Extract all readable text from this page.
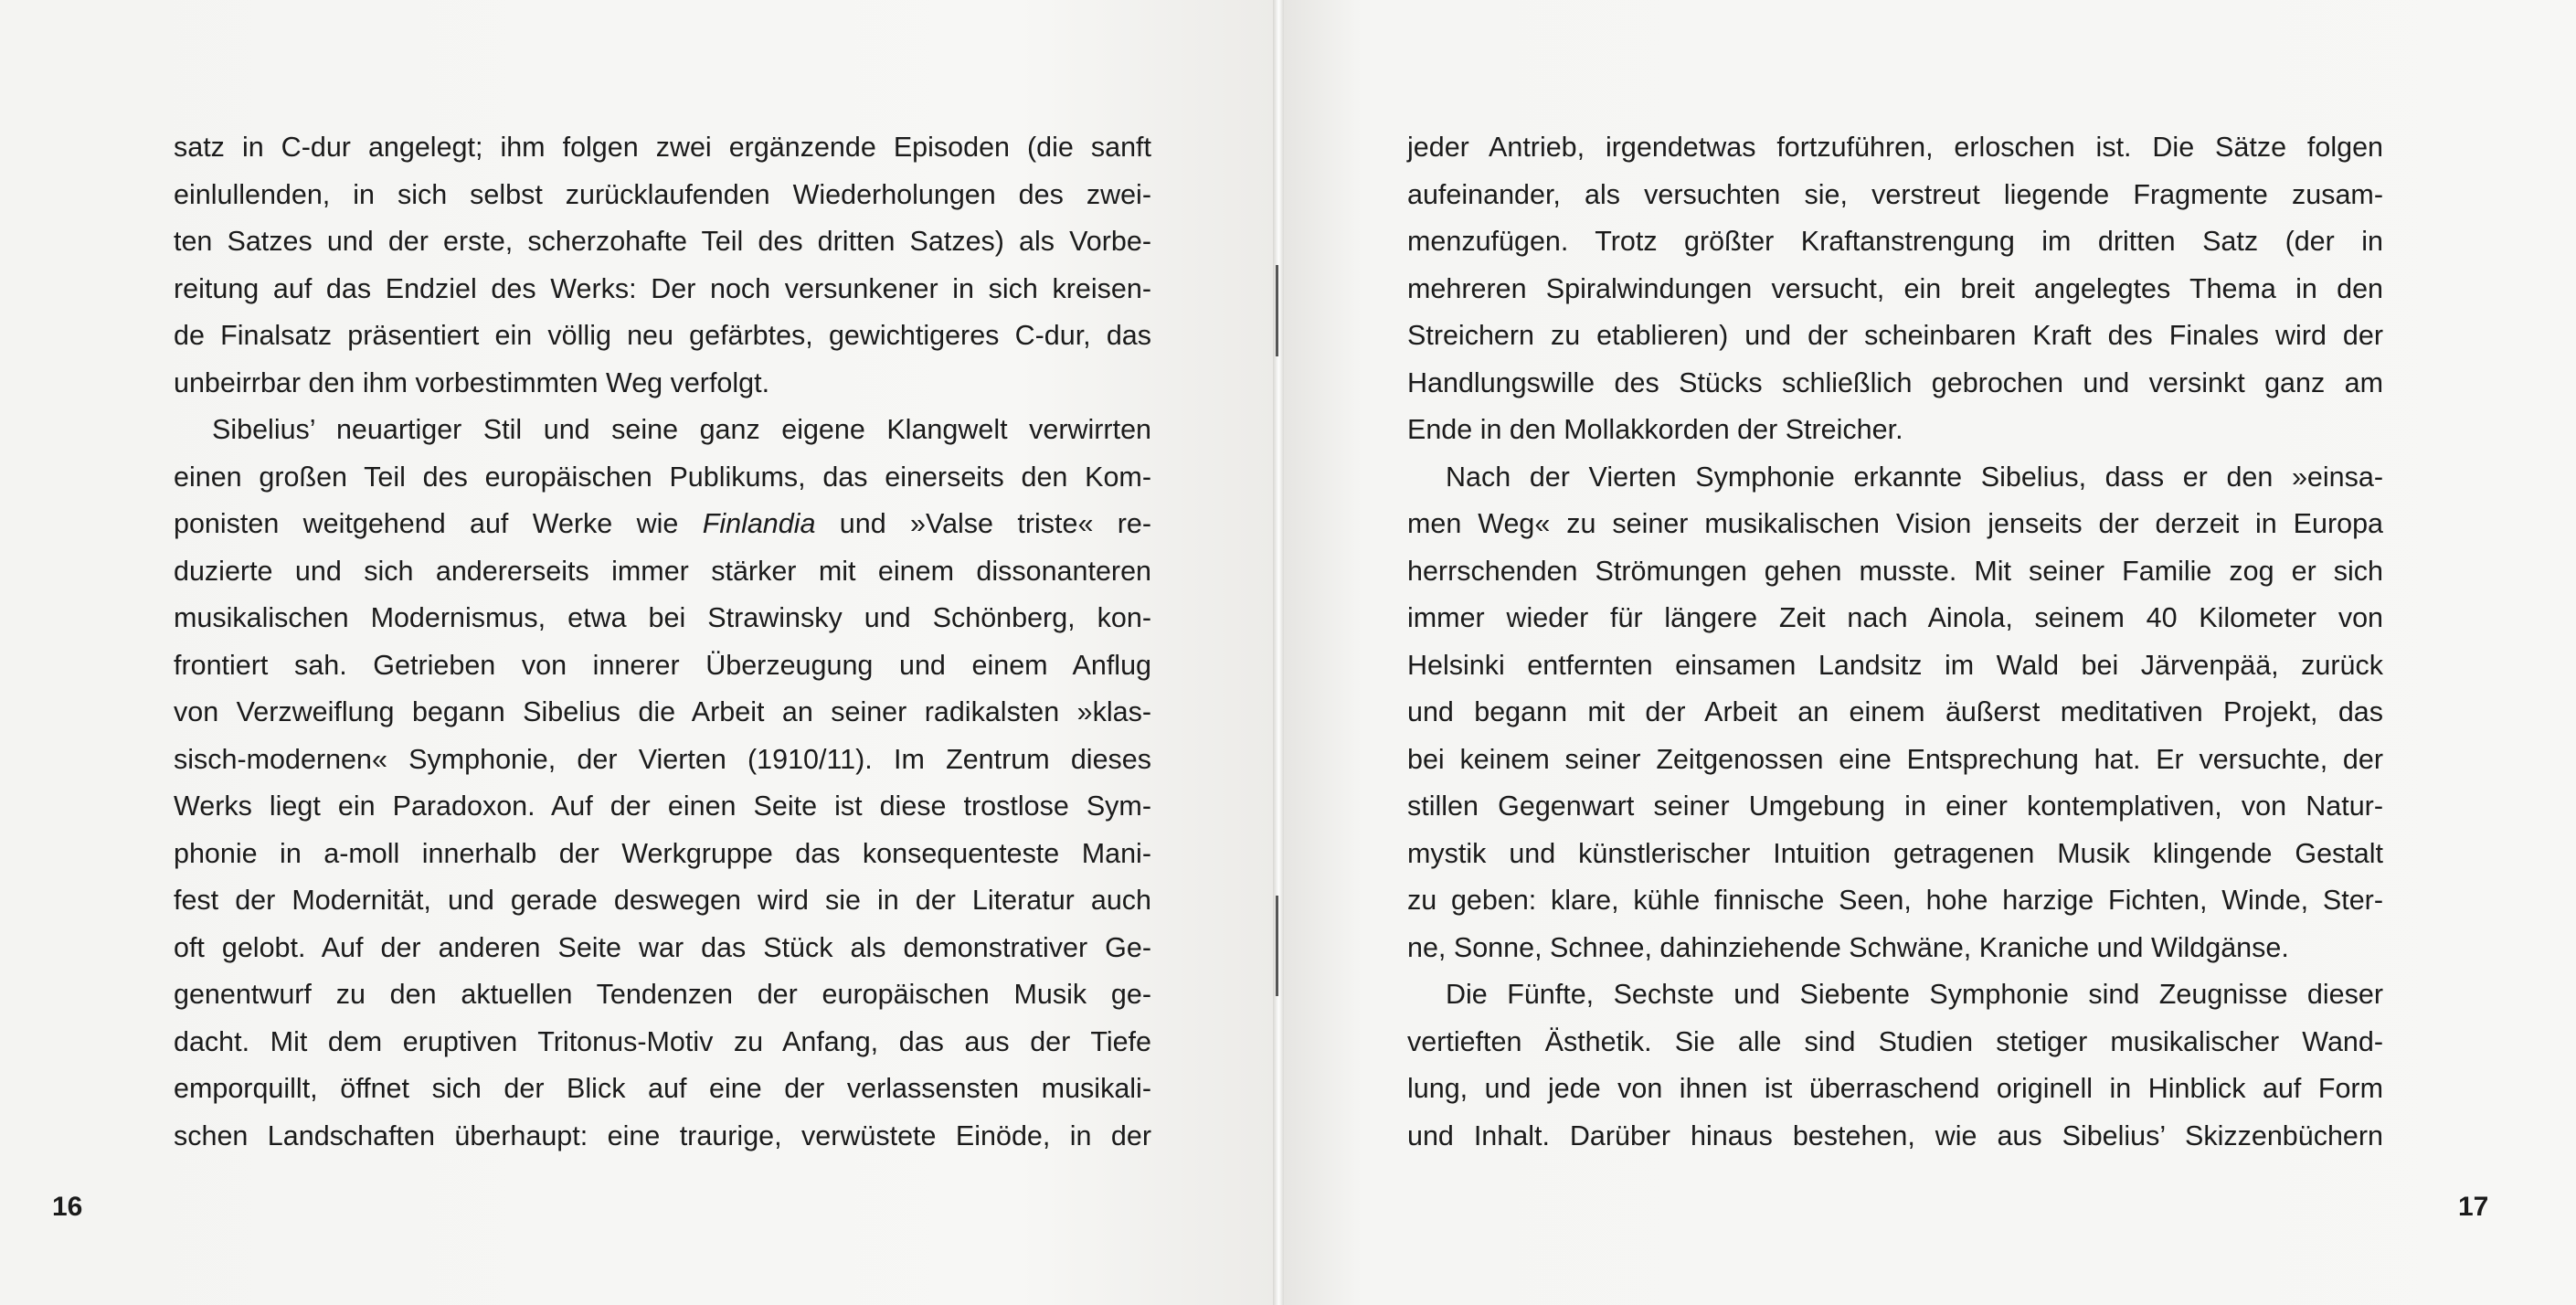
satz in C-dur angelegt; ihm folgen zwei ergänzende Episoden (die sanft
einlullenden, in sich selbst zurücklaufenden Wiederholungen des zwei-
ten Satzes und der erste, scherzohafte Teil des dritten Satzes) als Vorbe-
reitung auf das Endziel des Werks: Der noch versunkener in sich kreisen-
de Finalsatz präsentiert ein völlig neu gefärbtes, gewichtigeres C-dur, das
unbeirrbar den ihm vorbestimmten Weg verfolgt.
Sibelius’ neuartiger Stil und seine ganz eigene Klangwelt verwirrten
einen großen Teil des europäischen Publikums, das einerseits den Kom-
ponisten weitgehend auf Werke wie Finlandia und »Valse triste« re-
duzierte und sich andererseits immer stärker mit einem dissonanteren
musikalischen Modernismus, etwa bei Strawinsky und Schönberg, kon-
frontiert sah. Getrieben von innerer Überzeugung und einem Anflug
von Verzweiflung begann Sibelius die Arbeit an seiner radikalsten »klas-
sisch-modernen« Symphonie, der Vierten (1910/11). Im Zentrum dieses
Werks liegt ein Paradoxon. Auf der einen Seite ist diese trostlose Sym-
phonie in a-moll innerhalb der Werkgruppe das konsequenteste Mani-
fest der Modernität, und gerade deswegen wird sie in der Literatur auch
oft gelobt. Auf der anderen Seite war das Stück als demonstrativer Ge-
genentwurf zu den aktuellen Tendenzen der europäischen Musik ge-
dacht. Mit dem eruptiven Tritonus-Motiv zu Anfang, das aus der Tiefe
emporquillt, öffnet sich der Blick auf eine der verlassensten musikali-
schen Landschaften überhaupt: eine traurige, verwüstete Einöde, in der
16
jeder Antrieb, irgendetwas fortzuführen, erloschen ist. Die Sätze folgen
aufeinander, als versuchten sie, verstreut liegende Fragmente zusam-
menzufügen. Trotz größter Kraftanstrengung im dritten Satz (der in
mehreren Spiralwindungen versucht, ein breit angelegtes Thema in den
Streichern zu etablieren) und der scheinbaren Kraft des Finales wird der
Handlungswille des Stücks schließlich gebrochen und versinkt ganz am
Ende in den Mollakkorden der Streicher.
Nach der Vierten Symphonie erkannte Sibelius, dass er den »einsa-
men Weg« zu seiner musikalischen Vision jenseits der derzeit in Europa
herrschenden Strömungen gehen musste. Mit seiner Familie zog er sich
immer wieder für längere Zeit nach Ainola, seinem 40 Kilometer von
Helsinki entfernten einsamen Landsitz im Wald bei Järvenpää, zurück
und begann mit der Arbeit an einem äußerst meditativen Projekt, das
bei keinem seiner Zeitgenossen eine Entsprechung hat. Er versuchte, der
stillen Gegenwart seiner Umgebung in einer kontemplativen, von Natur-
mystik und künstlerischer Intuition getragenen Musik klingende Gestalt
zu geben: klare, kühle finnische Seen, hohe harzige Fichten, Winde, Ster-
ne, Sonne, Schnee, dahinziehende Schwäne, Kraniche und Wildgänse.
Die Fünfte, Sechste und Siebente Symphonie sind Zeugnisse dieser
vertieften Ästhetik. Sie alle sind Studien stetiger musikalischer Wand-
lung, und jede von ihnen ist überraschend originell in Hinblick auf Form
und Inhalt. Darüber hinaus bestehen, wie aus Sibelius’ Skizzenbüchern
17
